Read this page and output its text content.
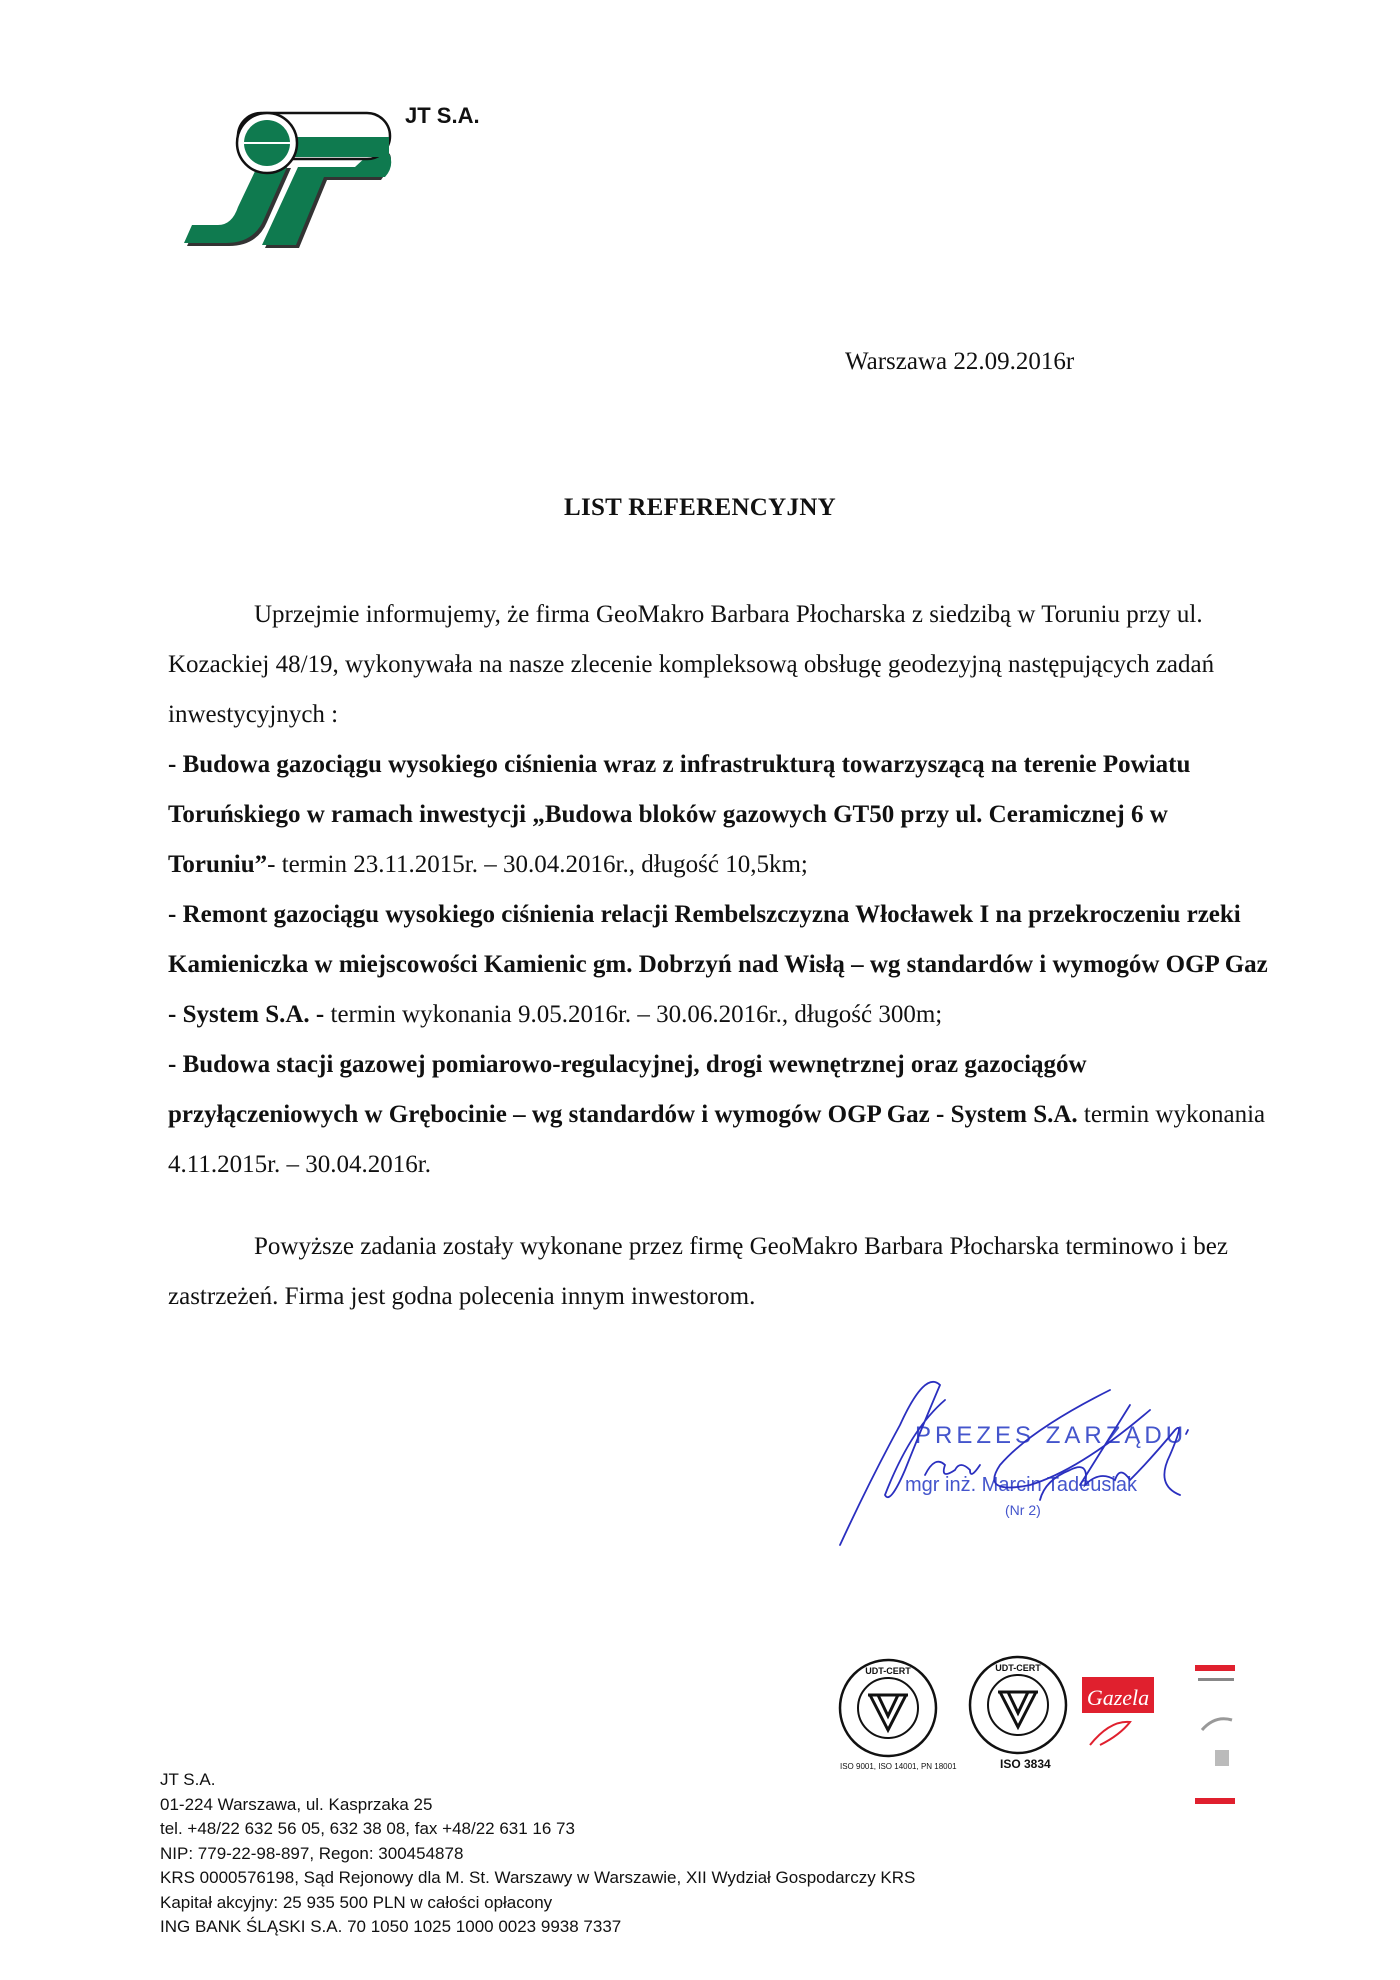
JT S.A.
Warszawa 22.09.2016r
LIST REFERENCYJNY

Uprzejmie informujemy, że firma GeoMakro Barbara Płocharska z siedzibą w Toruniu przy ul. Kozackiej 48/19, wykonywała na nasze zlecenie kompleksową obsługę geodezyjną następujących zadań inwestycyjnych :

- Budowa gazociągu wysokiego ciśnienia wraz z infrastrukturą towarzyszącą na terenie Powiatu Toruńskiego w ramach inwestycji „Budowa bloków gazowych GT50 przy ul. Ceramicznej 6 w Toruniu”- termin 23.11.2015r. – 30.04.2016r., długość 10,5km;

- Remont gazociągu wysokiego ciśnienia relacji Rembelszczyzna Włocławek I na przekroczeniu rzeki Kamieniczka w miejscowości Kamienic gm. Dobrzyń nad Wisłą – wg standardów i wymogów OGP Gaz - System S.A. - termin wykonania 9.05.2016r. – 30.06.2016r., długość 300m;

- Budowa stacji gazowej pomiarowo-regulacyjnej, drogi wewnętrznej oraz gazociągów przyłączeniowych w Grębocinie – wg standardów i wymogów OGP Gaz - System S.A. termin wykonania 4.11.2015r. – 30.04.2016r.

Powyższe zadania zostały wykonane przez firmę GeoMakro Barbara Płocharska terminowo i bez zastrzeżeń. Firma jest godna polecenia innym inwestorom.

PREZES ZARZĄDU
mgr inż. Marcin Tadeusiak
(Nr 2)
UDT-CERT	UDT-CERT
Gazela
ISO 9001, ISO 14001, PN 18001	ISO 3834
JT S.A.
01-224 Warszawa, ul. Kasprzaka 25
tel. +48/22 632 56 05, 632 38 08, fax +48/22 631 16 73
NIP: 779-22-98-897, Regon: 300454878
KRS 0000576198, Sąd Rejonowy dla M. St. Warszawy w Warszawie, XII Wydział Gospodarczy KRS
Kapitał akcyjny: 25 935 500 PLN w całości opłacony
ING BANK ŚLĄSKI S.A. 70 1050 1025 1000 0023 9938 7337
